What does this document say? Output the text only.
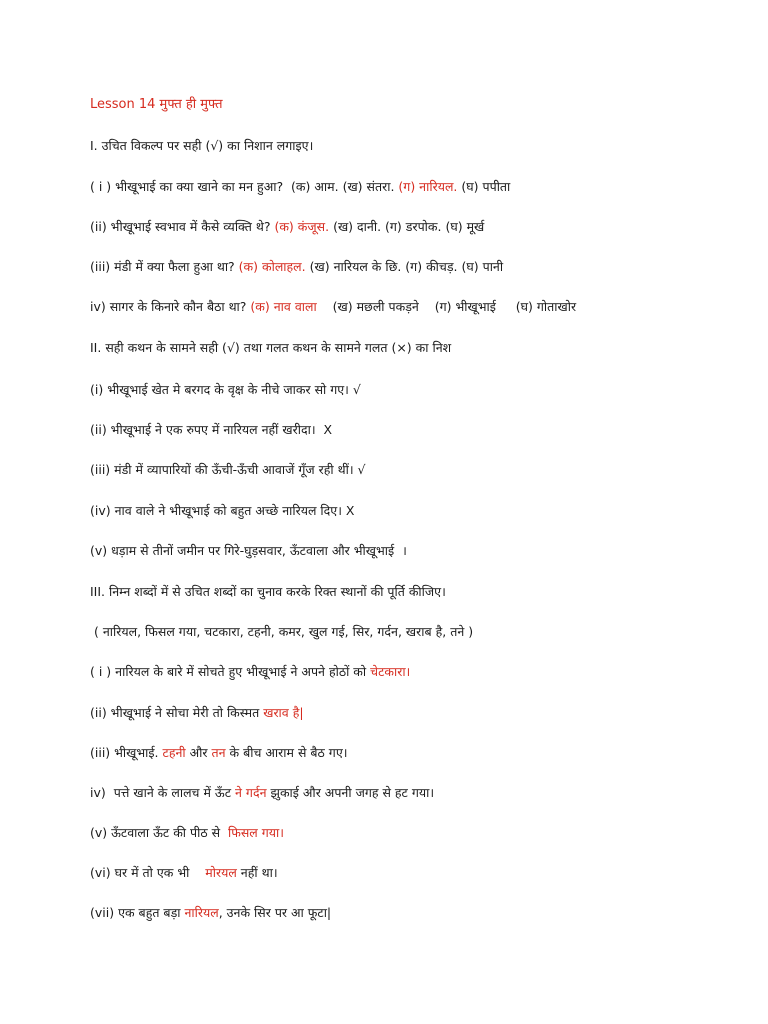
Lesson 14 मुफ्त ही मुफ्त
I. उचित विकल्प पर सही (√) का निशान लगाइए।
( i ) भीखूभाई का क्या खाने का मन हुआ?  (क) आम. (ख) संतरा. (ग) नारियल. (घ) पपीता
(ii) भीखूभाई स्वभाव में कैसे व्यक्ति थे? (क) कंजूस. (ख) दानी. (ग) डरपोक. (घ) मूर्ख
(iii) मंडी में क्या फैला हुआ था? (क) कोलाहल. (ख) नारियल के छि. (ग) कीचड़. (घ) पानी
iv) सागर के किनारे कौन बैठा था? (क) नाव वाला    (ख) मछली पकड़ने    (ग) भीखूभाई     (घ) गोताखोर
II. सही कथन के सामने सही (√) तथा गलत कथन के सामने गलत (×) का निश
(i) भीखूभाई खेत मे बरगद के वृक्ष के नीचे जाकर सो गए। √
(ii) भीखूभाई ने एक रुपए में नारियल नहीं खरीदा।  X
(iii) मंडी में व्यापारियों की ऊँची-ऊँची आवाजें गूँज रही थीं। √
(iv) नाव वाले ने भीखूभाई को बहुत अच्छे नारियल दिए। X
(v) धड़ाम से तीनों जमीन पर गिरे-घुड़सवार, ऊँटवाला और भीखूभाई  ।
III. निम्न शब्दों में से उचित शब्दों का चुनाव करके रिक्त स्थानों की पूर्ति कीजिए।
( नारियल, फिसल गया, चटकारा, टहनी, कमर, खुल गई, सिर, गर्दन, खराब है, तने )
( i ) नारियल के बारे में सोचते हुए भीखूभाई ने अपने होठों को चेटकारा।
(ii) भीखूभाई ने सोचा मेरी तो किस्मत खराव है|
(iii) भीखूभाई. टहनी और तन के बीच आराम से बैठ गए।
iv)  पत्ते खाने के लालच में ऊँट ने गर्दन झुकाई और अपनी जगह से हट गया।
(v) ऊँटवाला ऊँट की पीठ से  फिसल गया।
(vi) घर में तो एक भी    मोरयल नहीं था।
(vii) एक बहुत बड़ा नारियल, उनके सिर पर आ फूटा|
